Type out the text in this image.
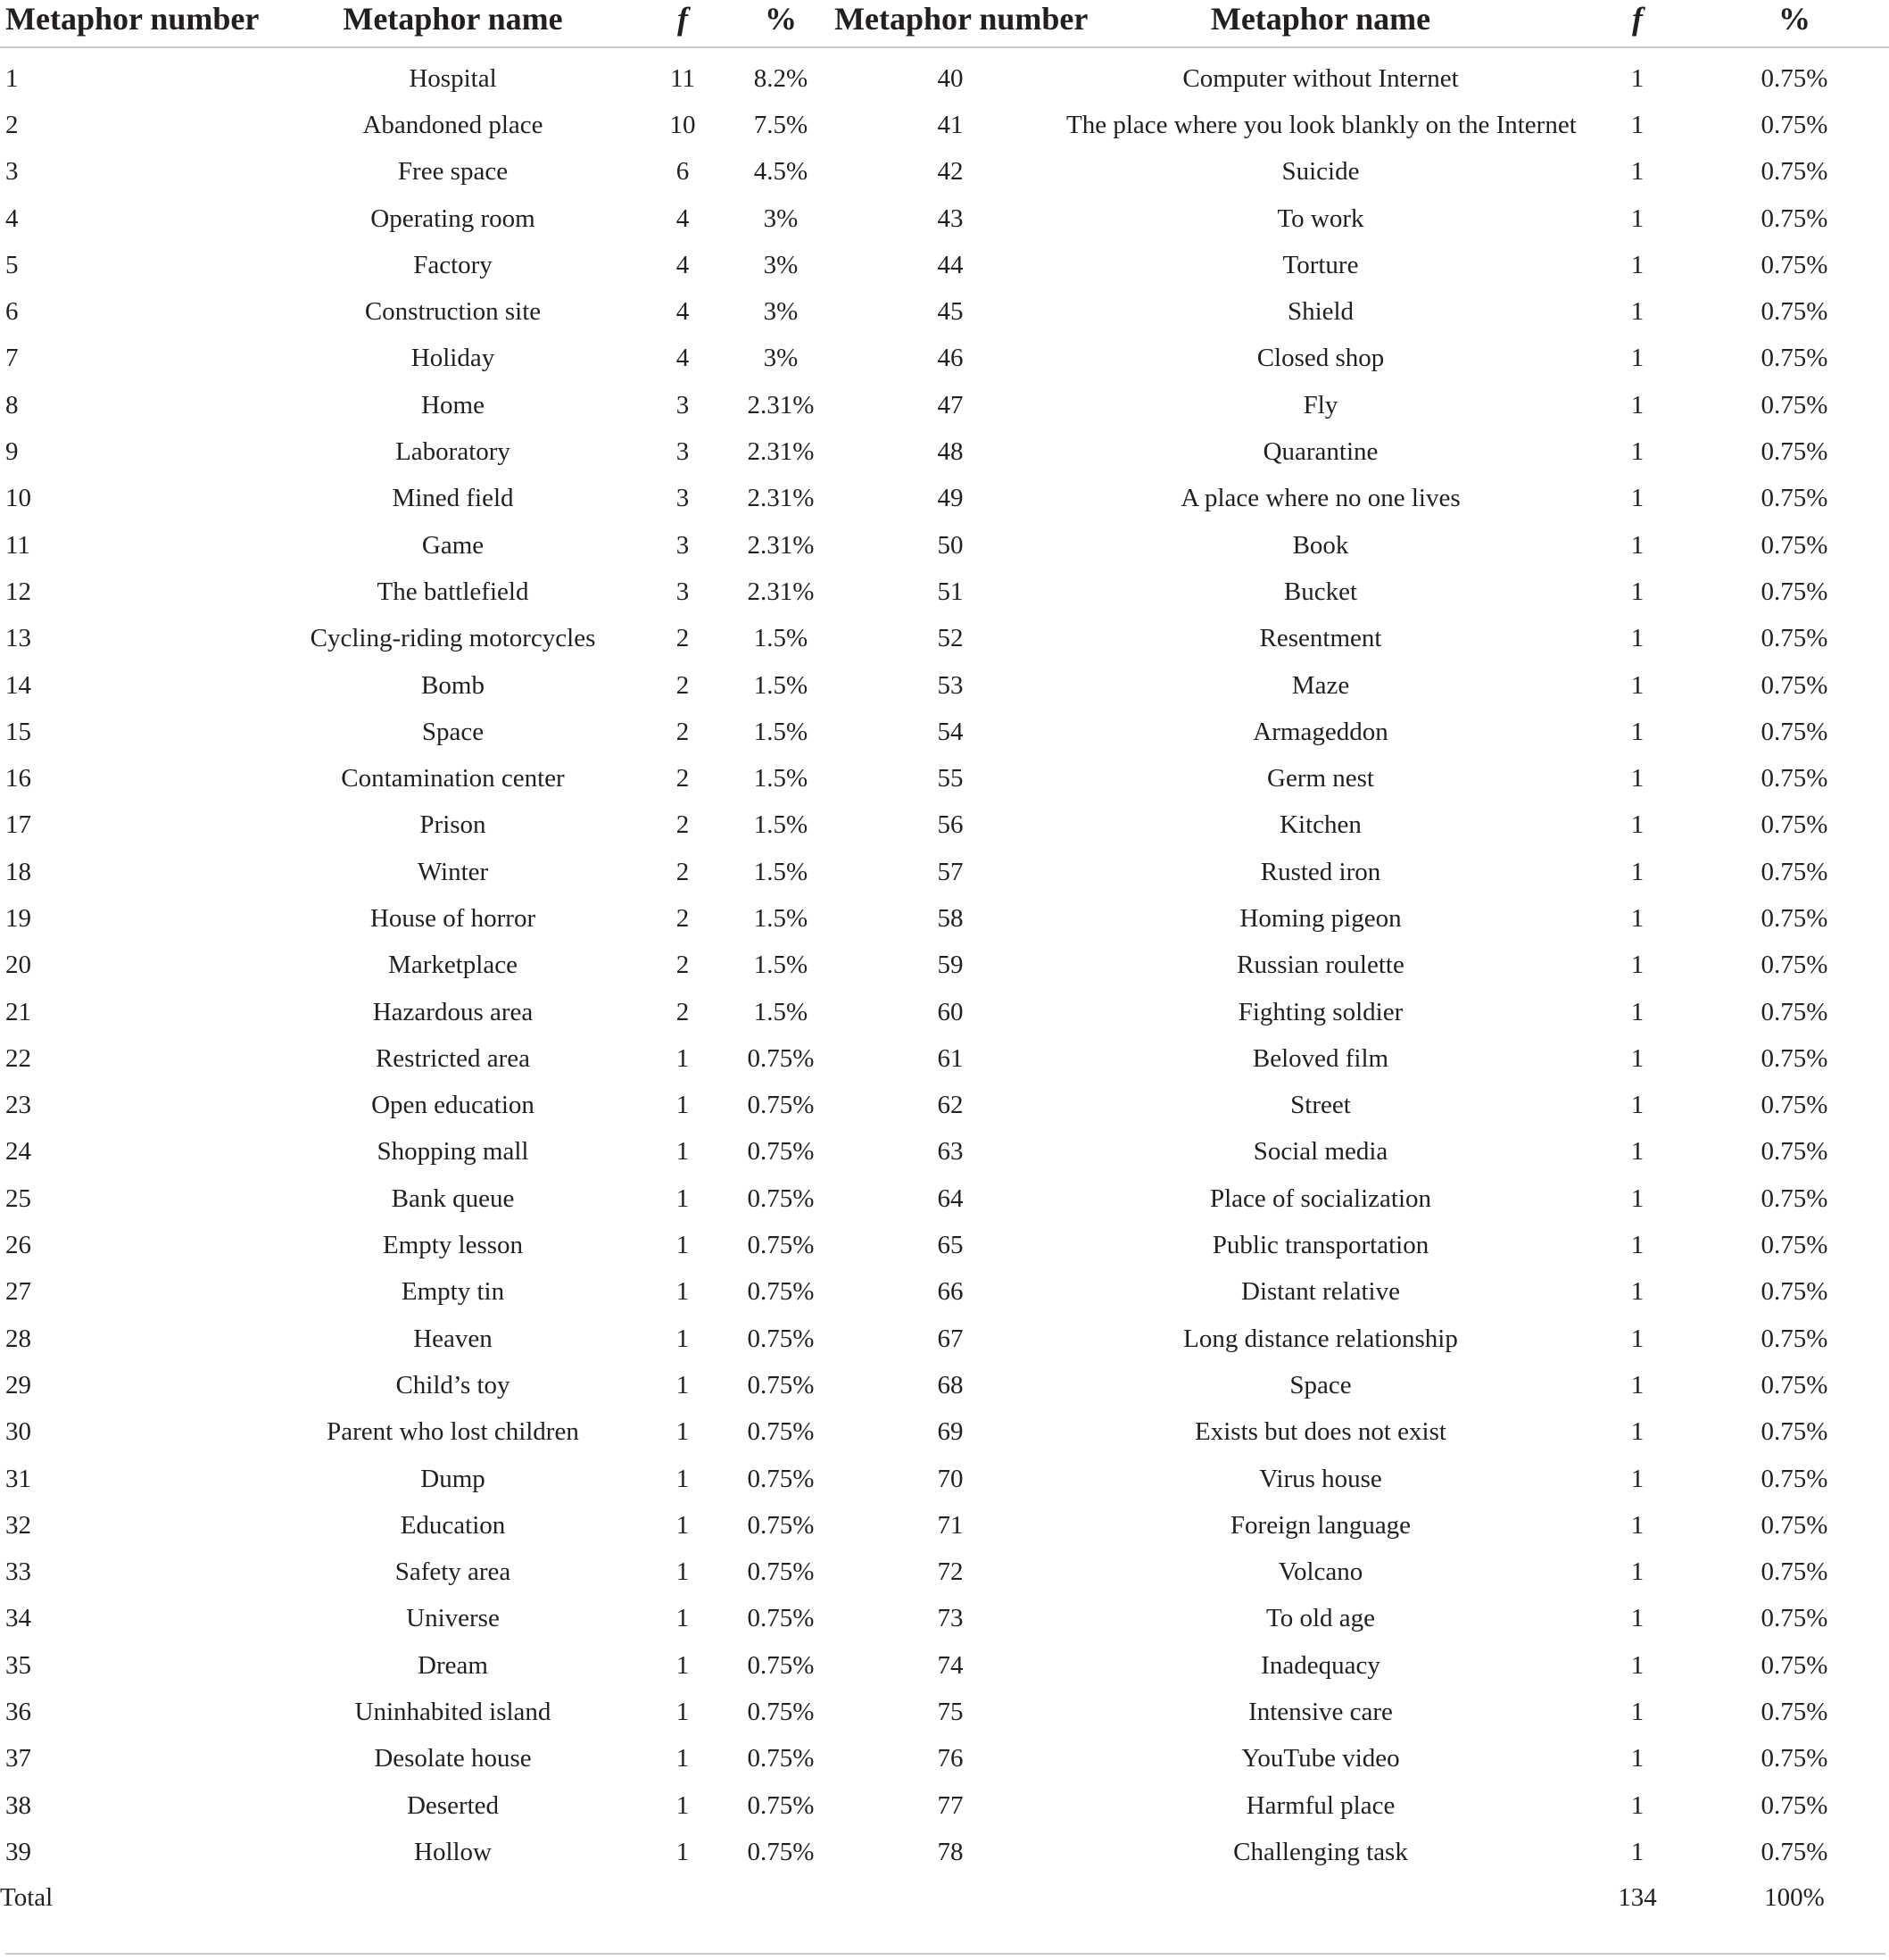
Metaphor number	Metaphor name	f	%	Metaphor number	Metaphor name	f	%

1	Hospital	11	8.2%	40	Computer without Internet	1	0.75%
2	Abandoned place	10	7.5%	41	The place where you look blankly on the Internet	1	0.75%
3	Free space	6	4.5%	42	Suicide	1	0.75%
4	Operating room	4	3%	43	To work	1	0.75%
5	Factory	4	3%	44	Torture	1	0.75%
6	Construction site	4	3%	45	Shield	1	0.75%
7	Holiday	4	3%	46	Closed shop	1	0.75%
8	Home	3	2.31%	47	Fly	1	0.75%
9	Laboratory	3	2.31%	48	Quarantine	1	0.75%
10	Mined field	3	2.31%	49	A place where no one lives	1	0.75%
11	Game	3	2.31%	50	Book	1	0.75%
12	The battlefield	3	2.31%	51	Bucket	1	0.75%
13	Cycling-riding motorcycles	2	1.5%	52	Resentment	1	0.75%
14	Bomb	2	1.5%	53	Maze	1	0.75%
15	Space	2	1.5%	54	Armageddon	1	0.75%
16	Contamination center	2	1.5%	55	Germ nest	1	0.75%
17	Prison	2	1.5%	56	Kitchen	1	0.75%
18	Winter	2	1.5%	57	Rusted iron	1	0.75%
19	House of horror	2	1.5%	58	Homing pigeon	1	0.75%
20	Marketplace	2	1.5%	59	Russian roulette	1	0.75%
21	Hazardous area	2	1.5%	60	Fighting soldier	1	0.75%
22	Restricted area	1	0.75%	61	Beloved film	1	0.75%
23	Open education	1	0.75%	62	Street	1	0.75%
24	Shopping mall	1	0.75%	63	Social media	1	0.75%
25	Bank queue	1	0.75%	64	Place of socialization	1	0.75%
26	Empty lesson	1	0.75%	65	Public transportation	1	0.75%
27	Empty tin	1	0.75%	66	Distant relative	1	0.75%
28	Heaven	1	0.75%	67	Long distance relationship	1	0.75%
29	Child’s toy	1	0.75%	68	Space	1	0.75%
30	Parent who lost children	1	0.75%	69	Exists but does not exist	1	0.75%
31	Dump	1	0.75%	70	Virus house	1	0.75%
32	Education	1	0.75%	71	Foreign language	1	0.75%
33	Safety area	1	0.75%	72	Volcano	1	0.75%
34	Universe	1	0.75%	73	To old age	1	0.75%
35	Dream	1	0.75%	74	Inadequacy	1	0.75%
36	Uninhabited island	1	0.75%	75	Intensive care	1	0.75%
37	Desolate house	1	0.75%	76	YouTube video	1	0.75%
38	Deserted	1	0.75%	77	Harmful place	1	0.75%
39	Hollow	1	0.75%	78	Challenging task	1	0.75%
Total						134	100%
